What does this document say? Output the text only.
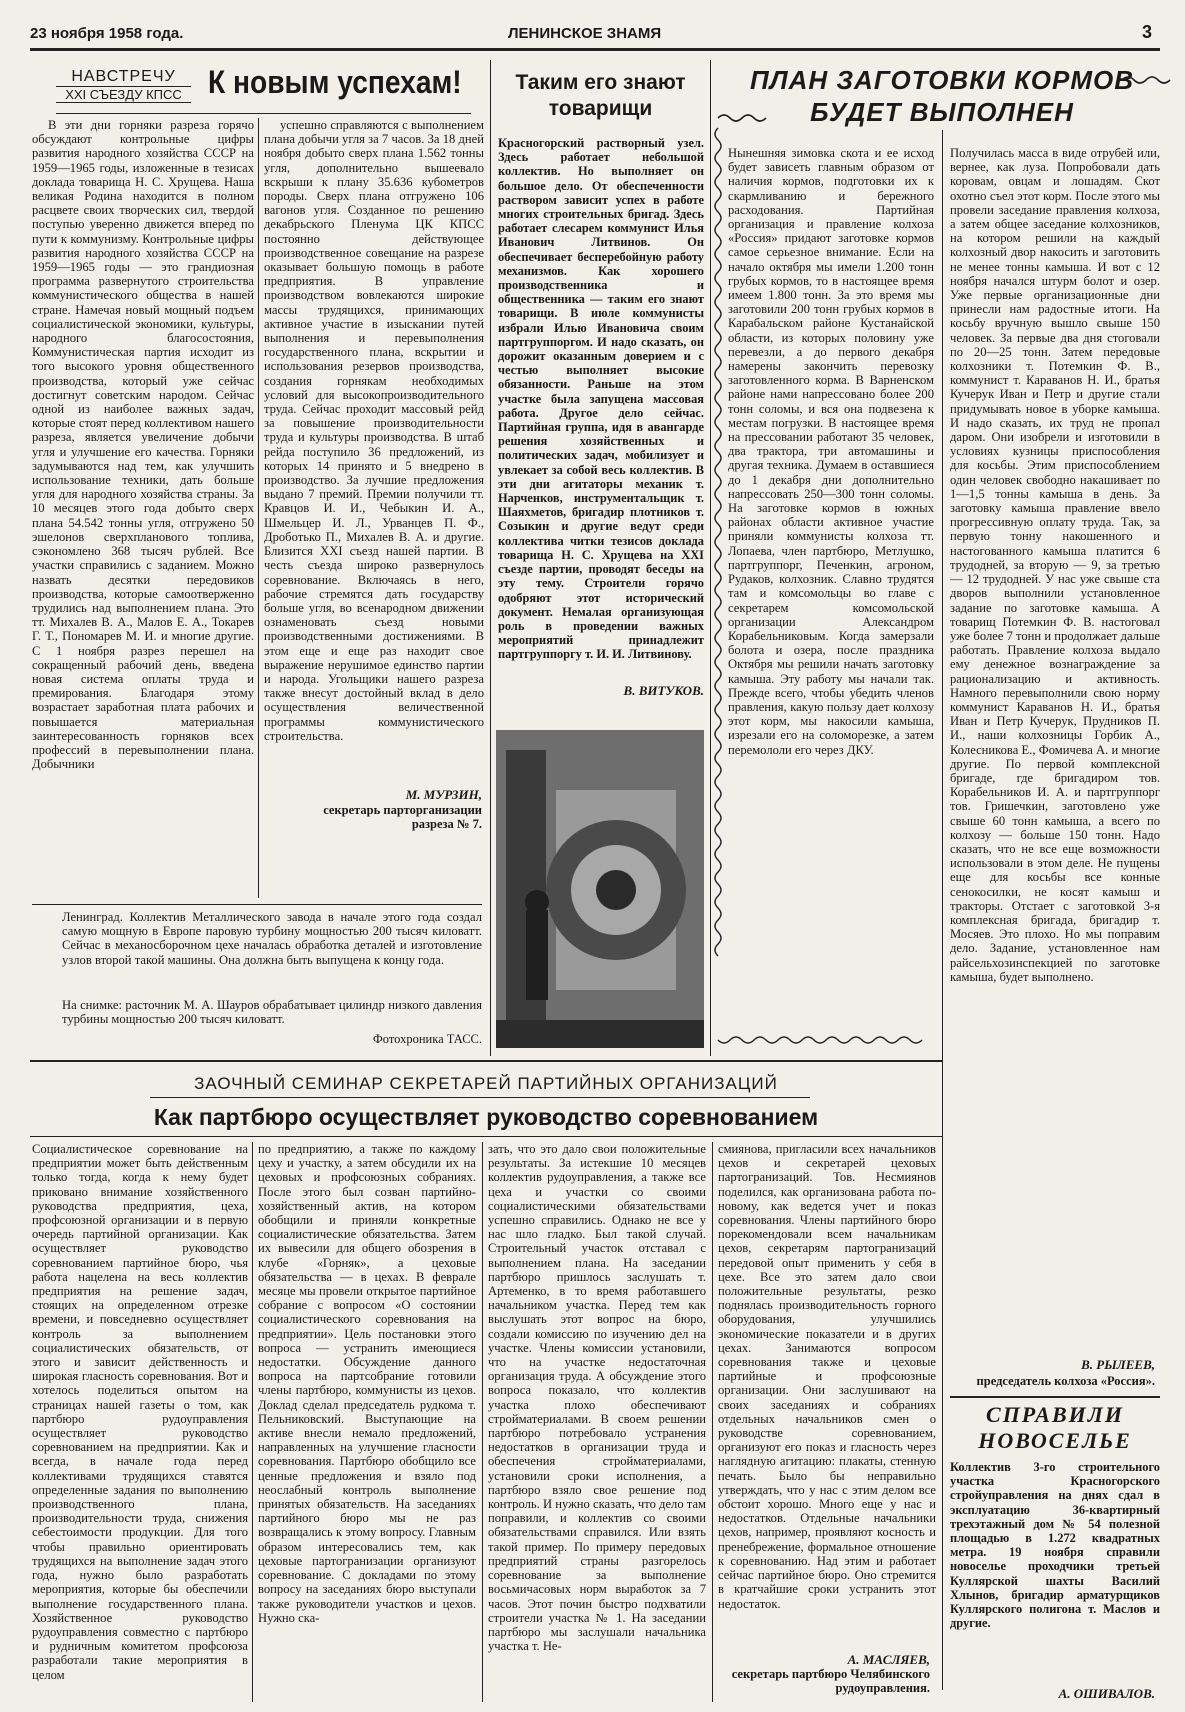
23 ноября 1958 года.	ЛЕНИНСКОЕ ЗНАМЯ	3
НАВСТРЕЧУ
XXI СЪЕЗДУ КПСС К новым успехам!
В эти дни горняки разреза горячо обсуждают контрольные цифры развития народного хозяйства СССР на 1959—1965 годы, изложенные в тезисах доклада товарища Н. С. Хрущева. Наша великая Родина находится в полном расцвете своих творческих сил, твердой поступью уверенно движется вперед по пути к коммунизму. Контрольные цифры развития народного хозяйства СССР на 1959—1965 годы — это грандиозная программа развернутого строительства коммунистического общества в нашей стране. Намечая новый мощный подъем социалистической экономики, культуры, народного благосостояния, Коммунистическая партия исходит из того высокого уровня общественного производства, который уже сейчас достигнут советским народом. Сейчас одной из наиболее важных задач, которые стоят перед коллективом нашего разреза, является увеличение добычи угля и улучшение его качества. Горняки задумываются над тем, как улучшить использование техники, дать больше угля для народного хозяйства страны. За 10 месяцев этого года добыто сверх плана 54.542 тонны угля, отгружено 50 эшелонов сверхпланового топлива, сэкономлено 368 тысяч рублей. Все участки справились с заданием. Можно назвать десятки передовиков производства, которые самоотверженно трудились над выполнением плана. Это тт. Михалев В. А., Малов Е. А., Токарев Г. Т., Пономарев М. И. и многие другие. С 1 ноября разрез перешел на сокращенный рабочий день, введена новая система оплаты труда и премирования. Благодаря этому возрастает заработная плата рабочих и повышается материальная заинтересованность горняков всех профессий в перевыполнении плана. Добычники
успешно справляются с выполнением плана добычи угля за 7 часов. За 18 дней ноября добыто сверх плана 1.562 тонны угля, дополнительно вышеевало вскрыши к плану 35.636 кубометров породы. Сверх плана отгружено 106 вагонов угля. Созданное по решению декабрьского Пленума ЦК КПСС постоянно действующее производственное совещание на разрезе оказывает большую помощь в работе предприятия. В управление производством вовлекаются широкие массы трудящихся, принимающих активное участие в изыскании путей выполнения и перевыполнения государственного плана, вскрытии и использования резервов производства, создания горнякам необходимых условий для высокопроизводительного труда. Сейчас проходит массовый рейд за повышение производительности труда и культуры производства. В штаб рейда поступило 36 предложений, из которых 14 принято и 5 внедрено в производство. За лучшие предложения выдано 7 премий. Премии получили тт. Кравцов И. И., Чебыкин И. А., Шмельцер И. Л., Урванцев П. Ф., Дроботько П., Михалев В. А. и другие. Близится XXI съезд нашей партии. В честь съезда широко развернулось соревнование. Включаясь в него, рабочие стремятся дать государству больше угля, во всенародном движении ознаменовать съезд новыми производственными достижениями. В этом еще и еще раз находит свое выражение нерушимое единство партии и народа. Угольщики нашего разреза также внесут достойный вклад в дело осуществления величественной программы коммунистического строительства.
М. МУРЗИН,
секретарь парторганизации разреза № 7.
Ленинград. Коллектив Металлического завода в начале этого года создал самую мощную в Европе паровую турбину мощностью 200 тысяч киловатт. Сейчас в механосборочном цехе началась обработка деталей и изготовление узлов второй такой машины. Она должна быть выпущена к концу года.
На снимке: расточник М. А. Шауров обрабатывает цилиндр низкого давления турбины мощностью 200 тысяч киловатт.
Фотохроника ТАСС.
Таким его знают товарищи
Красногорский растворный узел. Здесь работает небольшой коллектив. Но выполняет он большое дело. От обеспеченности раствором зависит успех в работе многих строительных бригад. Здесь работает слесарем коммунист Илья Иванович Литвинов. Он обеспечивает бесперебойную работу механизмов. Как хорошего производственника и общественника — таким его знают товарищи. В июле коммунисты избрали Илью Ивановича своим партгруппоргом. И надо сказать, он дорожит оказанным доверием и с честью выполняет высокие обязанности. Раньше на этом участке была запущена массовая работа. Другое дело сейчас. Партийная группа, идя в авангарде решения хозяйственных и политических задач, мобилизует и увлекает за собой весь коллектив. В эти дни агитаторы механик т. Нарченков, инструментальщик т. Шаяхметов, бригадир плотников т. Созыкин и другие ведут среди коллектива читки тезисов доклада товарища Н. С. Хрущева на XXI съезде партии, проводят беседы на эту тему. Строители горячо одобряют этот исторический документ. Немалая организующая роль в проведении важных мероприятий принадлежит партгруппоргу т. И. И. Литвинову.
В. ВИТУКОВ.
ПЛАН ЗАГОТОВКИ КОРМОВ
БУДЕТ ВЫПОЛНЕН
Нынешняя зимовка скота и ее исход будет зависеть главным образом от наличия кормов, подготовки их к скармливанию и бережного расходования. Партийная организация и правление колхоза «Россия» придают заготовке кормов самое серьезное внимание. Если на начало октября мы имели 1.200 тонн грубых кормов, то в настоящее время имеем 1.800 тонн. За это время мы заготовили 200 тонн грубых кормов в Карабальском районе Кустанайской области, из которых половину уже перевезли, а до первого декабря намерены закончить перевозку заготовленного корма. В Варненском районе нами напрессовано более 200 тонн соломы, и вся она подвезена к местам погрузки. В настоящее время на прессовании работают 35 человек, два трактора, три автомашины и другая техника. Думаем в оставшиеся до 1 декабря дни дополнительно напрессовать 250—300 тонн соломы. На заготовке кормов в южных районах области активное участие приняли коммунисты колхоза тт. Лопаева, член партбюро, Метлушко, партгруппорг, Печенкин, агроном, Рудаков, колхозник. Славно трудятся там и комсомольцы во главе с секретарем комсомольской организации Александром Корабельниковым. Когда замерзали болота и озера, после праздника Октября мы решили начать заготовку камыша. Эту работу мы начали так. Прежде всего, чтобы убедить членов правления, какую пользу дает колхозу этот корм, мы накосили камыша, изрезали его на соломорезке, а затем перемололи его через ДКУ.
Получилась масса в виде отрубей или, вернее, как луза. Попробовали дать коровам, овцам и лошадям. Скот охотно съел этот корм. После этого мы провели заседание правления колхоза, а затем общее заседание колхозников, на котором решили на каждый колхозный двор накосить и заготовить не менее тонны камыша. И вот с 12 ноября начался штурм болот и озер. Уже первые организационные дни принесли нам радостные итоги. На косьбу вручную вышло свыше 150 человек. За первые два дня стоговали по 20—25 тонн. Затем передовые колхозники т. Потемкин Ф. В., коммунист т. Караванов Н. И., братья Кучерук Иван и Петр и другие стали придумывать новое в уборке камыша. И надо сказать, их труд не пропал даром. Они изобрели и изготовили в условиях кузницы приспособления для косьбы. Этим приспособлением один человек свободно накашивает по 1—1,5 тонны камыша в день. За заготовку камыша правление ввело прогрессивную оплату труда. Так, за первую тонну накошенного и настогованного камыша платится 6 трудодней, за вторую — 9, за третью — 12 трудодней. У нас уже свыше ста дворов выполнили установленное задание по заготовке камыша. А товарищ Потемкин Ф. В. настоговал уже более 7 тонн и продолжает дальше работать. Правление колхоза выдало ему денежное вознаграждение за рационализацию и активность. Намного перевыполнили свою норму коммунист Караванов Н. И., братья Иван и Петр Кучерук, Прудников П. И., наши колхозницы Горбик А., Колесникова Е., Фомичева А. и многие другие. По первой комплексной бригаде, где бригадиром тов. Корабельников И. А. и партгруппорг тов. Гришечкин, заготовлено уже свыше 60 тонн камыша, а всего по колхозу — больше 150 тонн. Надо сказать, что не все еще возможности использовали в этом деле. Не пущены еще для косьбы все конные сенокосилки, не косят камыш и тракторы. Отстает с заготовкой 3-я комплексная бригада, бригадир т. Мосяев. Это плохо. Но мы поправим дело. Задание, установленное нам райсельхозинспекцией по заготовке камыша, будет выполнено.
В. РЫЛЕЕВ,
председатель колхоза «Россия».
ЗАОЧНЫЙ СЕМИНАР СЕКРЕТАРЕЙ ПАРТИЙНЫХ ОРГАНИЗАЦИЙ
Как партбюро осуществляет руководство соревнованием
Социалистическое соревнование на предприятии может быть действенным только тогда, когда к нему будет приковано внимание хозяйственного руководства предприятия, цеха, профсоюзной организации и в первую очередь партийной организации. Как осуществляет руководство соревнованием партийное бюро, чья работа нацелена на весь коллектив предприятия на решение задач, стоящих на определенном отрезке времени, и повседневно осуществляет контроль за выполнением социалистических обязательств, от этого и зависит действенность и широкая гласность соревнования. Вот и хотелось поделиться опытом на страницах нашей газеты о том, как партбюро рудоуправления осуществляет руководство соревнованием на предприятии. Как и всегда, в начале года перед коллективами трудящихся ставятся определенные задания по выполнению производственного плана, производительности труда, снижения себестоимости продукции. Для того чтобы правильно ориентировать трудящихся на выполнение задач этого года, нужно было разработать мероприятия, которые бы обеспечили выполнение государственного плана. Хозяйственное руководство рудоуправления совместно с партбюро и рудничным комитетом профсоюза разработали такие мероприятия в целом
по предприятию, а также по каждому цеху и участку, а затем обсудили их на цеховых и профсоюзных собраниях. После этого был созван партийно-хозяйственный актив, на котором обобщили и приняли конкретные социалистические обязательства. Затем их вывесили для общего обозрения в клубе «Горняк», а цеховые обязательства — в цехах. В феврале месяце мы провели открытое партийное собрание с вопросом «О состоянии социалистического соревнования на предприятии». Цель постановки этого вопроса — устранить имеющиеся недостатки. Обсуждение данного вопроса на партсобрание готовили члены партбюро, коммунисты из цехов. Доклад сделал председатель рудкома т. Пельниковский. Выступающие на активе внесли немало предложений, направленных на улучшение гласности соревнования. Партбюро обобщило все ценные предложения и взяло под неослабный контроль выполнение принятых обязательств. На заседаниях партийного бюро мы не раз возвращались к этому вопросу. Главным образом интересовались тем, как цеховые партогранизации организуют соревнование. С докладами по этому вопросу на заседаниях бюро выступали также руководители участков и цехов. Нужно ска-
зать, что это дало свои положительные результаты. За истекшие 10 месяцев коллектив рудоуправления, а также все цеха и участки со своими социалистическими обязательствами успешно справились. Однако не все у нас шло гладко. Был такой случай. Строительный участок отставал с выполнением плана. На заседании партбюро пришлось заслушать т. Артеменко, в то время работавшего начальником участка. Перед тем как выслушать этот вопрос на бюро, создали комиссию по изучению дел на участке. Члены комиссии установили, что на участке недостаточная организация труда. А обсуждение этого вопроса показало, что коллектив участка плохо обеспечивают стройматериалами. В своем решении партбюро потребовало устранения недостатков в организации труда и обеспечения стройматериалами, установили сроки исполнения, а партбюро взяло свое решение под контроль. И нужно сказать, что дело там поправили, и коллектив со своими обязательствами справился. Или взять такой пример. По примеру передовых предприятий страны разгорелось соревнование за выполнение восьмичасовых норм выработок за 7 часов. Этот почин быстро подхватили строители участка № 1. На заседании партбюро мы заслушали начальника участка т. Не-
смиянова, пригласили всех начальников цехов и секретарей цеховых партогранизаций. Тов. Несмиянов поделился, как организована работа по-новому, как ведется учет и показ соревнования. Члены партийного бюро порекомендовали всем начальникам цехов, секретарям партогранизаций передовой опыт применить у себя в цехе. Все это затем дало свои положительные результаты, резко поднялась производительность горного оборудования, улучшились экономические показатели и в других цехах. Занимаются вопросом соревнования также и цеховые партийные и профсоюзные организации. Они заслушивают на своих заседаниях и собраниях отдельных начальников смен о руководстве соревнованием, организуют его показ и гласность через наглядную агитацию: плакаты, стенную печать. Было бы неправильно утверждать, что у нас с этим делом все обстоит хорошо. Много еще у нас и недостатков. Отдельные начальники цехов, например, проявляют косность и пренебрежение, формальное отношение к соревнованию. Над этим и работает сейчас партийное бюро. Оно стремится в кратчайшие сроки устранить этот недостаток.
А. МАСЛЯЕВ,
секретарь партбюро Челябинского рудоуправления.
СПРАВИЛИ
НОВОСЕЛЬЕ
Коллектив 3-го строительного участка Красногорского стройуправления на днях сдал в эксплуатацию 36-квартирный трехэтажный дом № 54 полезной площадью в 1.272 квадратных метра. 19 ноября справили новоселье проходчики третьей Куллярской шахты Василий Хлынов, бригадир арматурщиков Куллярского полигона т. Маслов и другие.
А. ОШИВАЛОВ.
